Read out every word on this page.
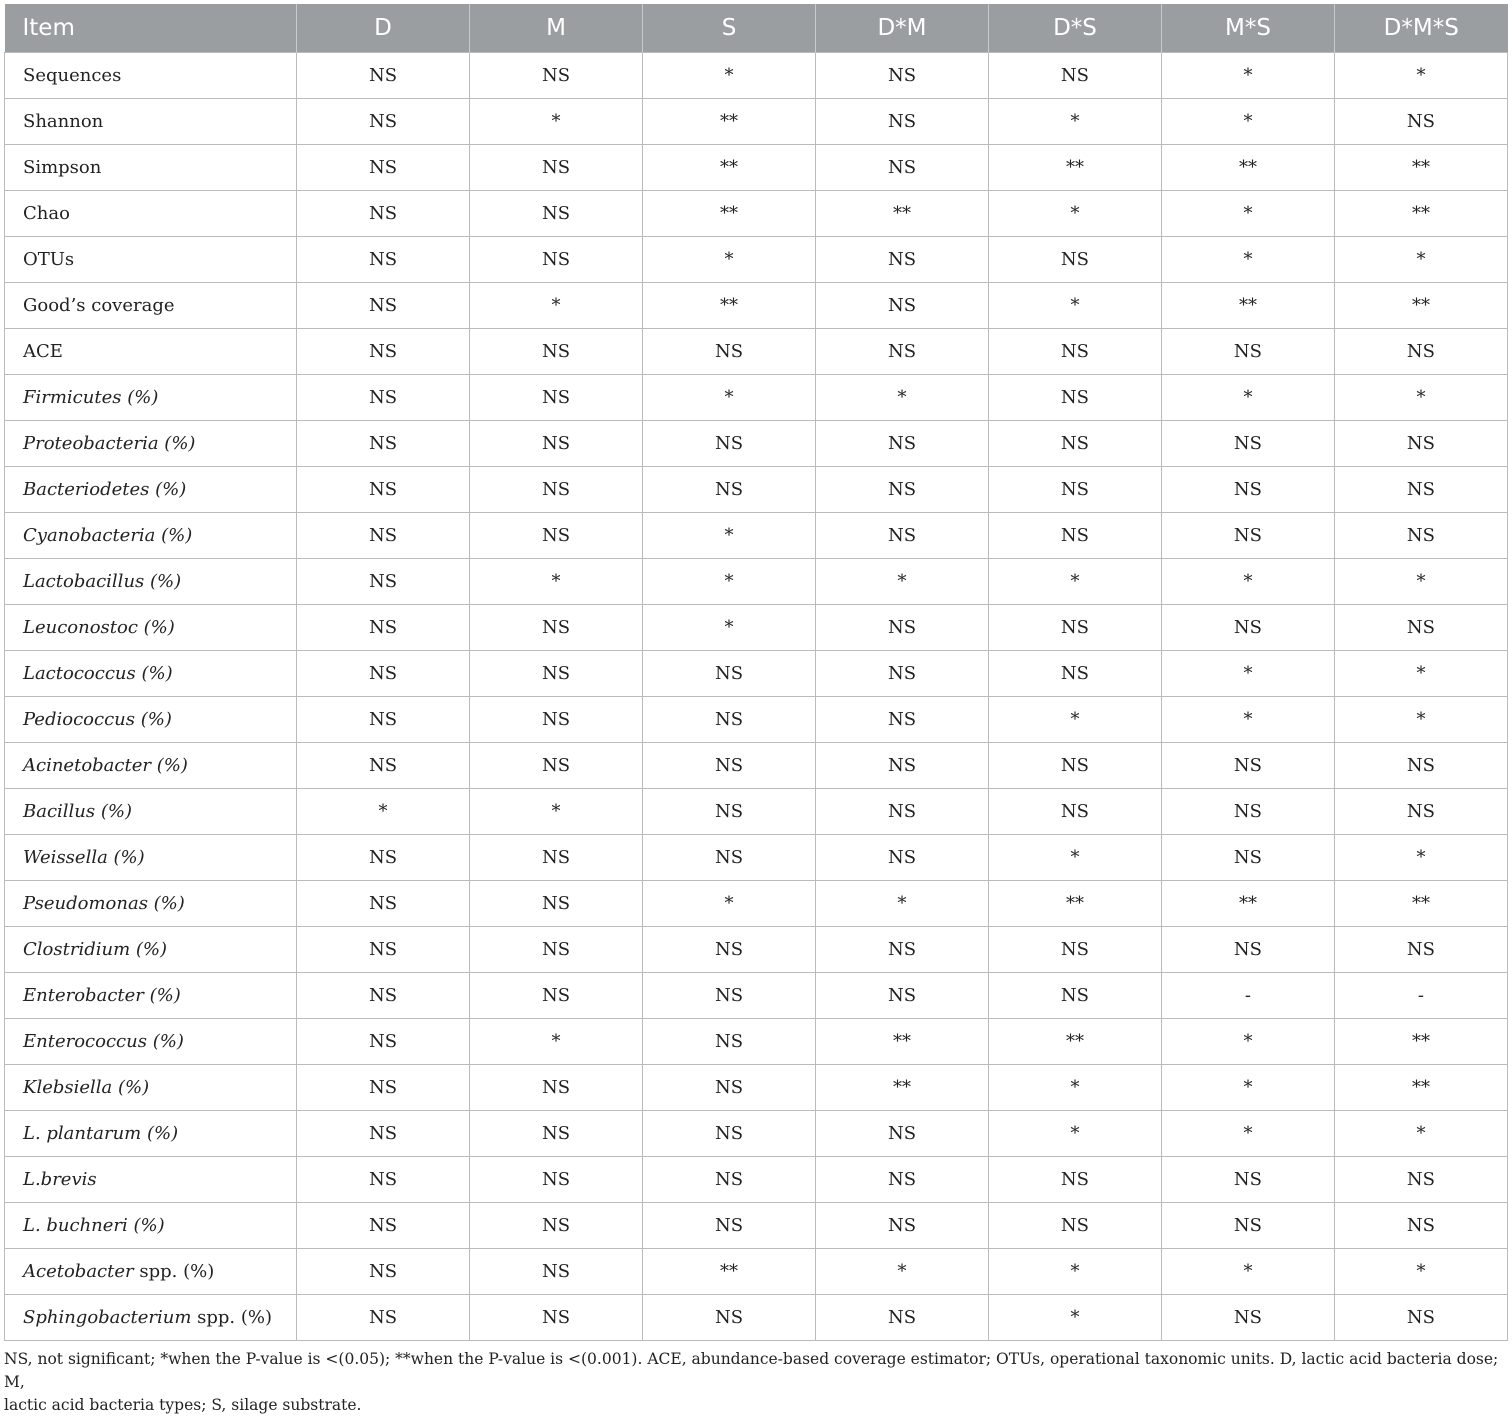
Item	D	M	S	D*M	D*S	M*S	D*M*S
Sequences	NS	NS	*	NS	NS	*	*
Shannon	NS	*	**	NS	*	*	NS
Simpson	NS	NS	**	NS	**	**	**
Chao	NS	NS	**	**	*	*	**
OTUs	NS	NS	*	NS	NS	*	*
Good’s coverage	NS	*	**	NS	*	**	**
ACE	NS	NS	NS	NS	NS	NS	NS
Firmicutes (%)	NS	NS	*	*	NS	*	*
Proteobacteria (%)	NS	NS	NS	NS	NS	NS	NS
Bacteriodetes (%)	NS	NS	NS	NS	NS	NS	NS
Cyanobacteria (%)	NS	NS	*	NS	NS	NS	NS
Lactobacillus (%)	NS	*	*	*	*	*	*
Leuconostoc (%)	NS	NS	*	NS	NS	NS	NS
Lactococcus (%)	NS	NS	NS	NS	NS	*	*
Pediococcus (%)	NS	NS	NS	NS	*	*	*
Acinetobacter (%)	NS	NS	NS	NS	NS	NS	NS
Bacillus (%)	*	*	NS	NS	NS	NS	NS
Weissella (%)	NS	NS	NS	NS	*	NS	*
Pseudomonas (%)	NS	NS	*	*	**	**	**
Clostridium (%)	NS	NS	NS	NS	NS	NS	NS
Enterobacter (%)	NS	NS	NS	NS	NS	-	-
Enterococcus (%)	NS	*	NS	**	**	*	**
Klebsiella (%)	NS	NS	NS	**	*	*	**
L. plantarum (%)	NS	NS	NS	NS	*	*	*
L.brevis	NS	NS	NS	NS	NS	NS	NS
L. buchneri (%)	NS	NS	NS	NS	NS	NS	NS
Acetobacter spp. (%)	NS	NS	**	*	*	*	*
Sphingobacterium spp. (%)	NS	NS	NS	NS	*	NS	NS
NS, not significant; *when the P-value is <(0.05); **when the P-value is <(0.001). ACE, abundance-based coverage estimator; OTUs, operational taxonomic units. D, lactic acid bacteria dose; M,
lactic acid bacteria types; S, silage substrate.
